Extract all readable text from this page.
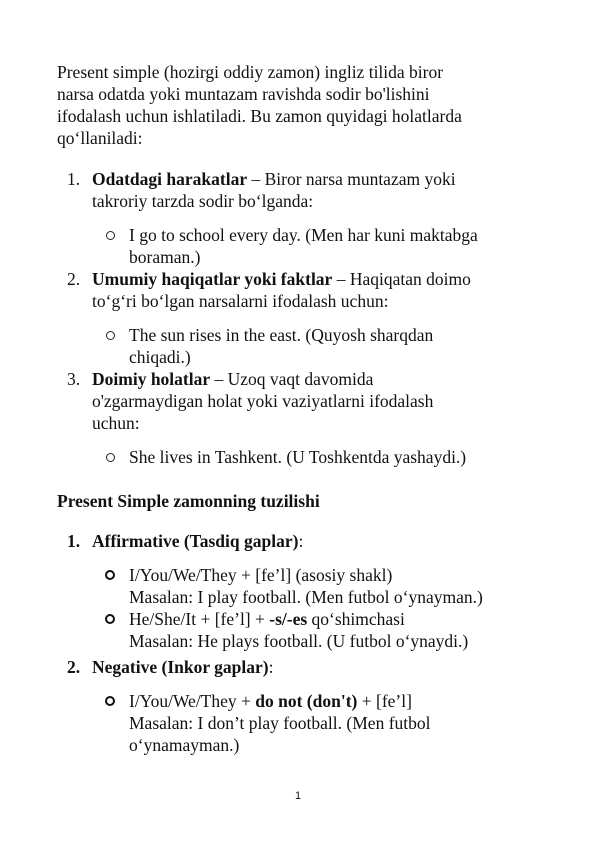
Present simple (hozirgi oddiy zamon) ingliz tilida biror

narsa odatda yoki muntazam ravishda sodir bo'lishini

ifodalash uchun ishlatiladi. Bu zamon quyidagi holatlarda

qo‘llaniladi:

1. Odatdagi harakatlar – Biror narsa muntazam yoki

takroriy tarzda sodir bo‘lganda:

I go to school every day. (Men har kuni maktabga

boraman.)

2. Umumiy haqiqatlar yoki faktlar – Haqiqatan doimo

to‘g‘ri bo‘lgan narsalarni ifodalash uchun:

The sun rises in the east. (Quyosh sharqdan

chiqadi.)

3. Doimiy holatlar – Uzoq vaqt davomida

o'zgarmaydigan holat yoki vaziyatlarni ifodalash

uchun:

She lives in Tashkent. (U Toshkentda yashaydi.)

Present Simple zamonning tuzilishi
1. Affirmative (Tasdiq gaplar):

I/You/We/They + [fe’l] (asosiy shakl)

Masalan: I play football. (Men futbol o‘ynayman.)

He/She/It + [fe’l] + -s/-es qo‘shimchasi

Masalan: He plays football. (U futbol o‘ynaydi.)

2. Negative (Inkor gaplar):

I/You/We/They + do not (don't) + [fe’l]

Masalan: I don’t play football. (Men futbol

o‘ynamayman.)

1
